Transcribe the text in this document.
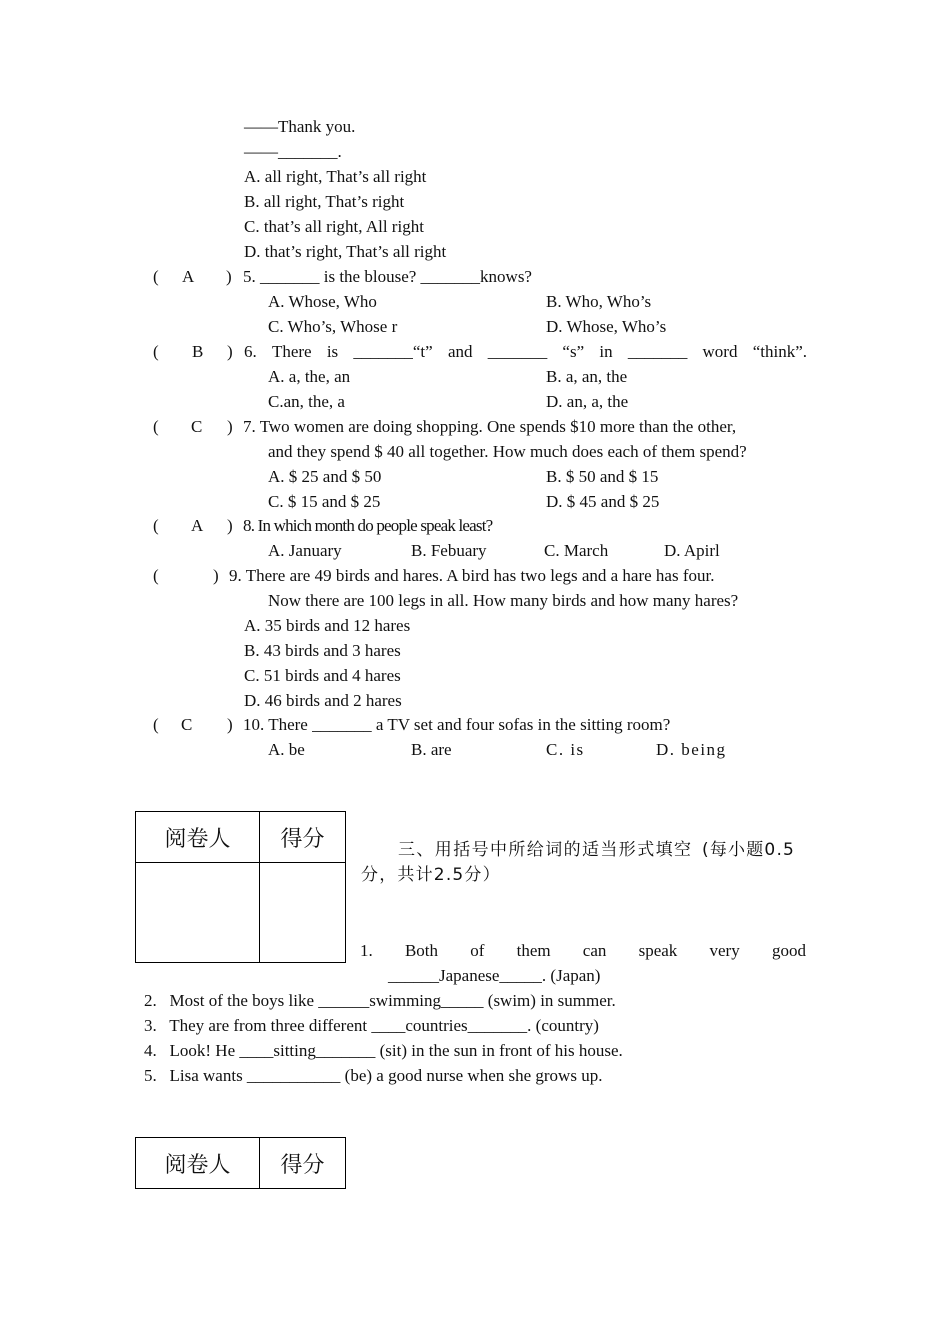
——Thank you.
——_______.
A. all right, That’s all right
B. all right, That’s right
C. that’s all right, All right
D. that’s right, That’s all right
( A ) 5. _______ is the blouse? _______knows?
A. Whose, Who	B. Who, Who’s
C. Who’s, Whose r	D. Whose, Who’s
( B ) 6. There is _______“t” and _______ “s” in _______ word “think”.
A. a, the, an	B. a, an, the
C.an, the, a	D. an, a, the
( C ) 7. Two women are doing shopping. One spends $10 more than the other,
and they spend $ 40 all together. How much does each of them spend?
A. $ 25 and $ 50	B. $ 50 and $ 15
C. $ 15 and $ 25	D. $ 45 and $ 25
( A ) 8. In which month do people speak least?
A. January	B. Febuary	C. March	D. Apirl
(	) 9. There are 49 birds and hares. A bird has two legs and a hare has four.
Now there are 100 legs in all. How many birds and how many hares?
A. 35 birds and 12 hares
B. 43 birds and 3 hares
C. 51 birds and 4 hares
D. 46 birds and 2 hares
( C ) 10. There _______ a TV set and four sofas in the sitting room?
A. be	B. are	C. is	D. being
阅卷人	得分
		三、用括号中所给词的适当形式填空 (每小题0.5
分，共计2.5分）
1. Both of them can speak very good
______Japanese_____. (Japan)
2.   Most of the boys like ______swimming_____ (swim) in summer.
3.   They are from three different ____countries_______. (country)
4.   Look! He ____sitting_______ (sit) in the sun in front of his house.
5.   Lisa wants ___________ (be) a good nurse when she grows up.
阅卷人	得分
